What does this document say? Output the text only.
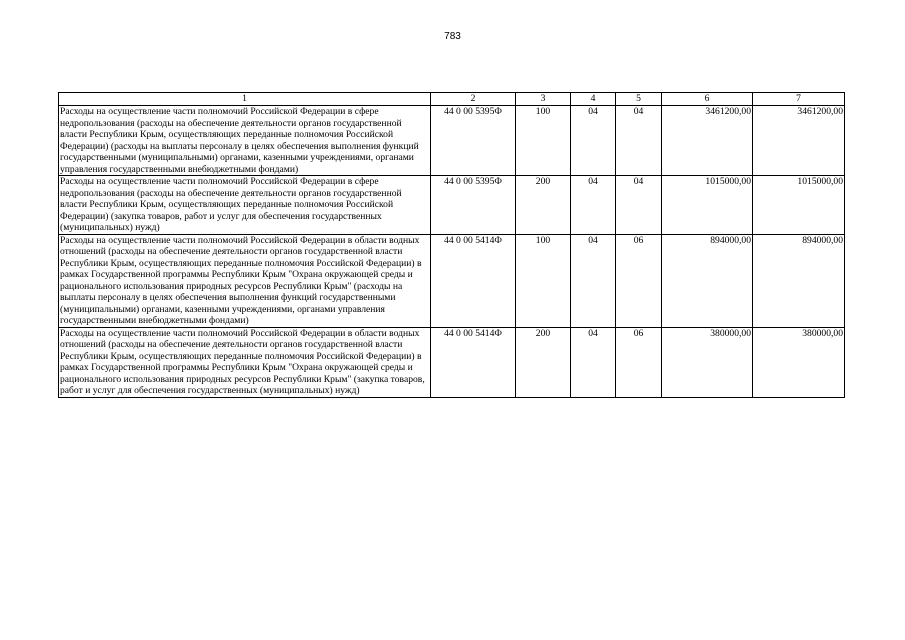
783
1	2	3	4	5	6	7
Расходы на осуществление части полномочий Российской Федерации в сфере недропользования (расходы на обеспечение деятельности органов государственной власти Республики Крым, осуществляющих переданные полномочия Российской Федерации) (расходы на выплаты персоналу в целях обеспечения выполнения функций государственными (муниципальными) органами, казенными учреждениями, органами управления государственными внебюджетными фондами)	44 0 00 5395Ф	100	04	04	3461200,00	3461200,00
Расходы на осуществление части полномочий Российской Федерации в сфере недропользования (расходы на обеспечение деятельности органов государственной власти Республики Крым, осуществляющих переданные полномочия Российской Федерации) (закупка товаров, работ и услуг для обеспечения государственных (муниципальных) нужд)	44 0 00 5395Ф	200	04	04	1015000,00	1015000,00
Расходы на осуществление части полномочий Российской Федерации в области водных отношений (расходы на обеспечение деятельности органов государственной власти Республики Крым, осуществляющих переданные полномочия Российской Федерации) в рамках Государственной программы Республики Крым "Охрана окружающей среды и рационального использования природных ресурсов Республики Крым" (расходы на выплаты персоналу в целях обеспечения выполнения функций государственными (муниципальными) органами, казенными учреждениями, органами управления государственными внебюджетными фондами)	44 0 00 5414Ф	100	04	06	894000,00	894000,00
Расходы на осуществление части полномочий Российской Федерации в области водных отношений (расходы на обеспечение деятельности органов государственной власти Республики Крым, осуществляющих переданные полномочия Российской Федерации) в рамках Государственной программы Республики Крым "Охрана окружающей среды и рационального использования природных ресурсов Республики Крым" (закупка товаров, работ и услуг для обеспечения государственных (муниципальных) нужд)	44 0 00 5414Ф	200	04	06	380000,00	380000,00
